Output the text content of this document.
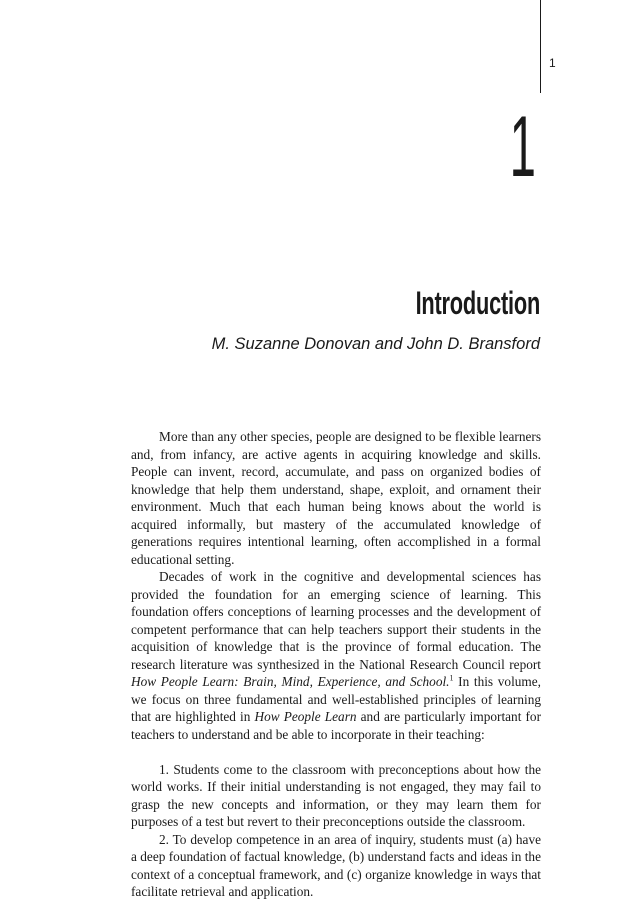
1
1
Introduction
M. Suzanne Donovan and John D. Bransford

More than any other species, people are designed to be flexible learners and, from infancy, are active agents in acquiring knowledge and skills. People can invent, record, accumulate, and pass on organized bodies of knowledge that help them understand, shape, exploit, and ornament their environment. Much that each human being knows about the world is acquired informally, but mastery of the accumulated knowledge of generations requires intentional learning, often accomplished in a formal educational setting.

Decades of work in the cognitive and developmental sciences has provided the foundation for an emerging science of learning. This foundation offers conceptions of learning processes and the development of competent performance that can help teachers support their students in the acquisition of knowledge that is the province of formal education. The research literature was synthesized in the National Research Council report How People Learn: Brain, Mind, Experience, and School.$^1$ In this volume, we focus on three fundamental and well-established principles of learning that are highlighted in How People Learn and are particularly important for teachers to understand and be able to incorporate in their teaching:

1. Students come to the classroom with preconceptions about how the world works. If their initial understanding is not engaged, they may fail to grasp the new concepts and information, or they may learn them for purposes of a test but revert to their preconceptions outside the classroom.

2. To develop competence in an area of inquiry, students must (a) have a deep foundation of factual knowledge, (b) understand facts and ideas in the context of a conceptual framework, and (c) organize knowledge in ways that facilitate retrieval and application.
